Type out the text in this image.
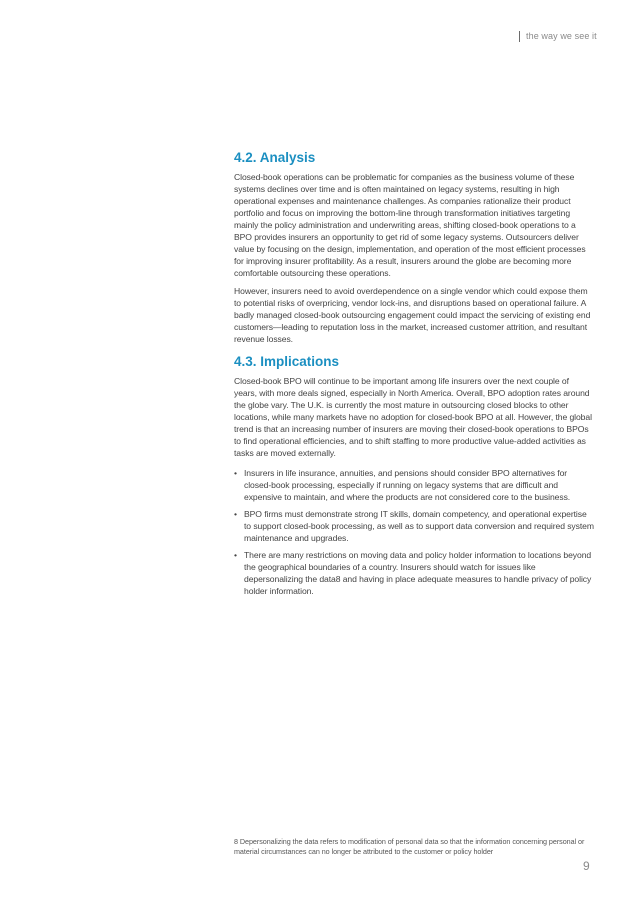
the way we see it
4.2. Analysis

Closed-book operations can be problematic for companies as the business volume of these systems declines over time and is often maintained on legacy systems, resulting in high operational expenses and maintenance challenges. As companies rationalize their product portfolio and focus on improving the bottom-line through transformation initiatives targeting mainly the policy administration and underwriting areas, shifting closed-book operations to a BPO provides insurers an opportunity to get rid of some legacy systems. Outsourcers deliver value by focusing on the design, implementation, and operation of the most efficient processes for improving insurer profitability. As a result, insurers around the globe are becoming more comfortable outsourcing these operations.

However, insurers need to avoid overdependence on a single vendor which could expose them to potential risks of overpricing, vendor lock-ins, and disruptions based on operational failure. A badly managed closed-book outsourcing engagement could impact the servicing of existing end customers—leading to reputation loss in the market, increased customer attrition, and resultant revenue losses.

4.3. Implications

Closed-book BPO will continue to be important among life insurers over the next couple of years, with more deals signed, especially in North America. Overall, BPO adoption rates around the globe vary. The U.K. is currently the most mature in outsourcing closed blocks to other locations, while many markets have no adoption for closed-book BPO at all. However, the global trend is that an increasing number of insurers are moving their closed-book operations to BPOs to find operational efficiencies, and to shift staffing to more productive value-added activities as tasks are moved externally.

• Insurers in life insurance, annuities, and pensions should consider BPO alternatives for closed-book processing, especially if running on legacy systems that are difficult and expensive to maintain, and where the products are not considered core to the business.
• BPO firms must demonstrate strong IT skills, domain competency, and operational expertise to support closed-book processing, as well as to support data conversion and required system maintenance and upgrades.
• There are many restrictions on moving data and policy holder information to locations beyond the geographical boundaries of a country. Insurers should watch for issues like depersonalizing the data8 and having in place adequate measures to handle privacy of policy holder information.
8 Depersonalizing the data refers to modification of personal data so that the information concerning personal or material circumstances can no longer be attributed to the customer or policy holder
9
